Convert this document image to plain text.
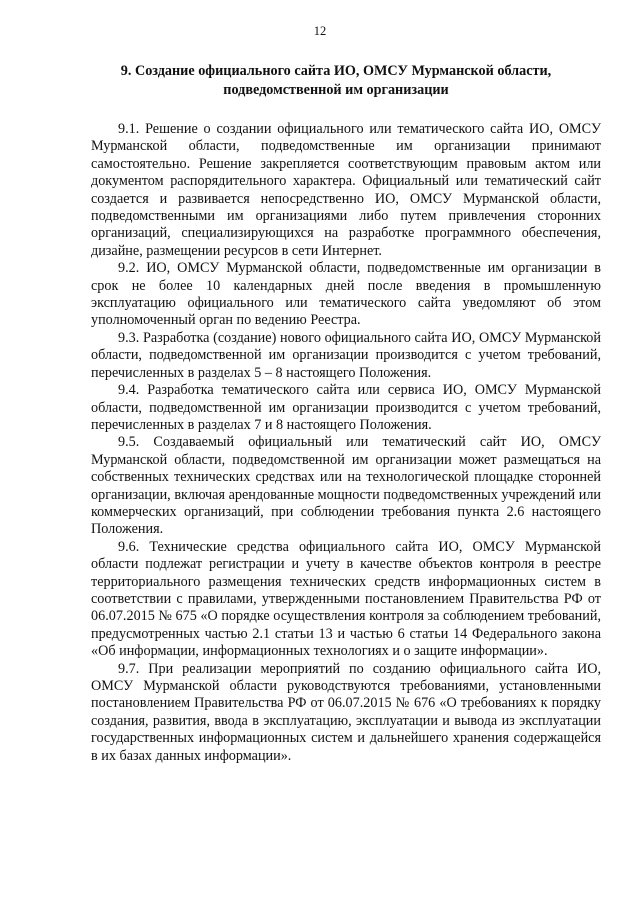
12
9. Создание официального сайта ИО, ОМСУ Мурманской области, подведомственной им организации

9.1. Решение о создании официального или тематического сайта ИО, ОМСУ Мурманской области, подведомственные им организации принимают самостоятельно. Решение закрепляется соответствующим правовым актом или документом распорядительного характера. Официальный или тематический сайт создается и развивается непосредственно ИО, ОМСУ Мурманской области, подведомственными им организациями либо путем привлечения сторонних организаций, специализирующихся на разработке программного обеспечения, дизайне, размещении ресурсов в сети Интернет.

9.2. ИО, ОМСУ Мурманской области, подведомственные им организации в срок не более 10 календарных дней после введения в промышленную эксплуатацию официального или тематического сайта уведомляют об этом уполномоченный орган по ведению Реестра.

9.3. Разработка (создание) нового официального сайта ИО, ОМСУ Мурманской области, подведомственной им организации производится с учетом требований, перечисленных в разделах 5 – 8 настоящего Положения.

9.4. Разработка тематического сайта или сервиса ИО, ОМСУ Мурманской области, подведомственной им организации производится с учетом требований, перечисленных в разделах 7 и 8 настоящего Положения.

9.5. Создаваемый официальный или тематический сайт ИО, ОМСУ Мурманской области, подведомственной им организации может размещаться на собственных технических средствах или на технологической площадке сторонней организации, включая арендованные мощности подведомственных учреждений или коммерческих организаций, при соблюдении требования пункта 2.6 настоящего Положения.

9.6. Технические средства официального сайта ИО, ОМСУ Мурманской области подлежат регистрации и учету в качестве объектов контроля в реестре территориального размещения технических средств информационных систем в соответствии с правилами, утвержденными постановлением Правительства РФ от 06.07.2015 № 675 «О порядке осуществления контроля за соблюдением требований, предусмотренных частью 2.1 статьи 13 и частью 6 статьи 14 Федерального закона «Об информации, информационных технологиях и о защите информации».

9.7. При реализации мероприятий по созданию официального сайта ИО, ОМСУ Мурманской области руководствуются требованиями, установленными постановлением Правительства РФ от 06.07.2015 № 676 «О требованиях к порядку создания, развития, ввода в эксплуатацию, эксплуатации и вывода из эксплуатации государственных информационных систем и дальнейшего хранения содержащейся в их базах данных информации».
